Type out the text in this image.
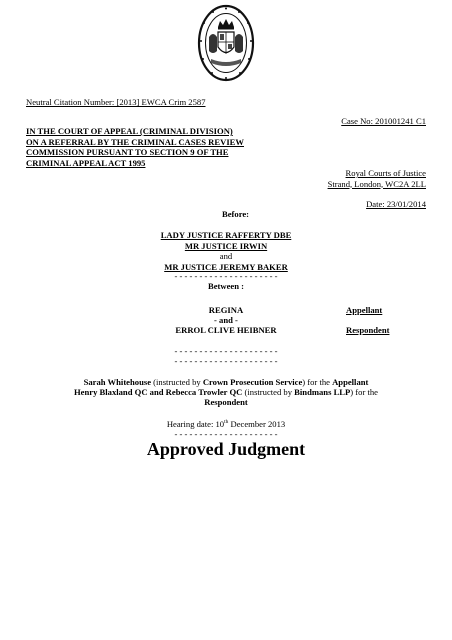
Neutral Citation Number: [2013] EWCA Crim 2587
Case No: 201001241 C1
IN THE COURT OF APPEAL (CRIMINAL DIVISION)
ON A REFERRAL BY THE CRIMINAL CASES REVIEW
COMMISSION PURSUANT TO SECTION 9 OF THE
CRIMINAL APPEAL ACT 1995
Royal Courts of Justice
Strand, London, WC2A 2LL
Date: 23/01/2014
Before:
LADY JUSTICE RAFFERTY DBE
MR JUSTICE IRWIN
and
MR JUSTICE JEREMY BAKER
- - - - - - - - - - - - - - - - - - - - -
Between :
REGINA	Appellant
- and -
ERROL CLIVE HEIBNER	Respondent
- - - - - - - - - - - - - - - - - - - - -
- - - - - - - - - - - - - - - - - - - - -
Sarah Whitehouse (instructed by Crown Prosecution Service) for the Appellant
Henry Blaxland QC and Rebecca Trowler QC (instructed by Bindmans LLP) for the
Respondent
Hearing date: 10th December 2013
- - - - - - - - - - - - - - - - - - - - -
Approved Judgment
